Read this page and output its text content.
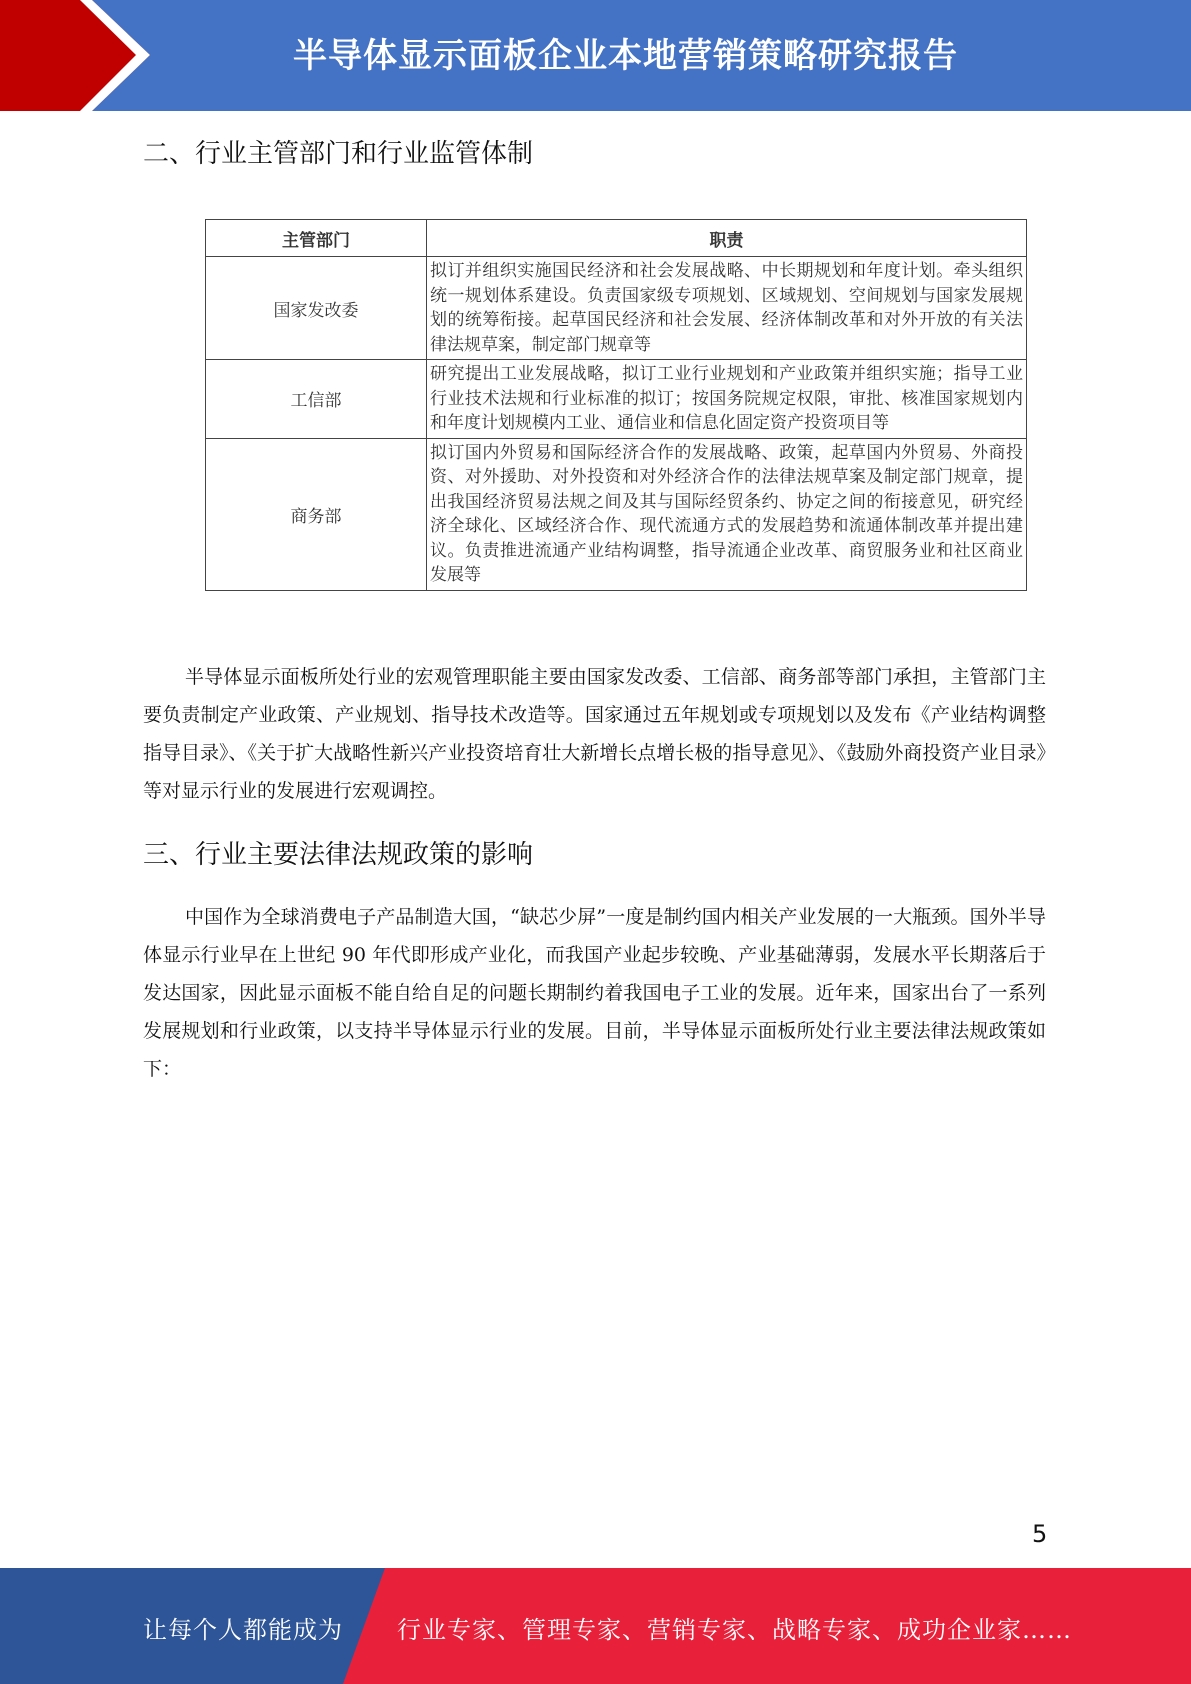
半导体显示面板企业本地营销策略研究报告
二、行业主管部门和行业监管体制
主管部门	职责
国家发改委	拟订并组织实施国民经济和社会发展战略、中长期规划和年度计划。牵头组织统一规划体系建设。负责国家级专项规划、区域规划、空间规划与国家发展规划的统筹衔接。起草国民经济和社会发展、经济体制改革和对外开放的有关法律法规草案，制定部门规章等
工信部	研究提出工业发展战略，拟订工业行业规划和产业政策并组织实施；指导工业行业技术法规和行业标准的拟订；按国务院规定权限，审批、核准国家规划内和年度计划规模内工业、通信业和信息化固定资产投资项目等
商务部	拟订国内外贸易和国际经济合作的发展战略、政策，起草国内外贸易、外商投资、对外援助、对外投资和对外经济合作的法律法规草案及制定部门规章，提出我国经济贸易法规之间及其与国际经贸条约、协定之间的衔接意见，研究经济全球化、区域经济合作、现代流通方式的发展趋势和流通体制改革并提出建议。负责推进流通产业结构调整，指导流通企业改革、商贸服务业和社区商业发展等

半导体显示面板所处行业的宏观管理职能主要由国家发改委、工信部、商务部等部门承担，主管部门主要负责制定产业政策、产业规划、指导技术改造等。国家通过五年规划或专项规划以及发布《产业结构调整指导目录》、《关于扩大战略性新兴产业投资培育壮大新增长点增长极的指导意见》、《鼓励外商投资产业目录》等对显示行业的发展进行宏观调控。

三、行业主要法律法规政策的影响

中国作为全球消费电子产品制造大国，“缺芯少屏”一度是制约国内相关产业发展的一大瓶颈。国外半导体显示行业早在上世纪 90 年代即形成产业化，而我国产业起步较晚、产业基础薄弱，发展水平长期落后于发达国家，因此显示面板不能自给自足的问题长期制约着我国电子工业的发展。近年来，国家出台了一系列发展规划和行业政策，以支持半导体显示行业的发展。目前，半导体显示面板所处行业主要法律法规政策如下：

5
让每个人都能成为 行业专家、管理专家、营销专家、战略专家、成功企业家……
